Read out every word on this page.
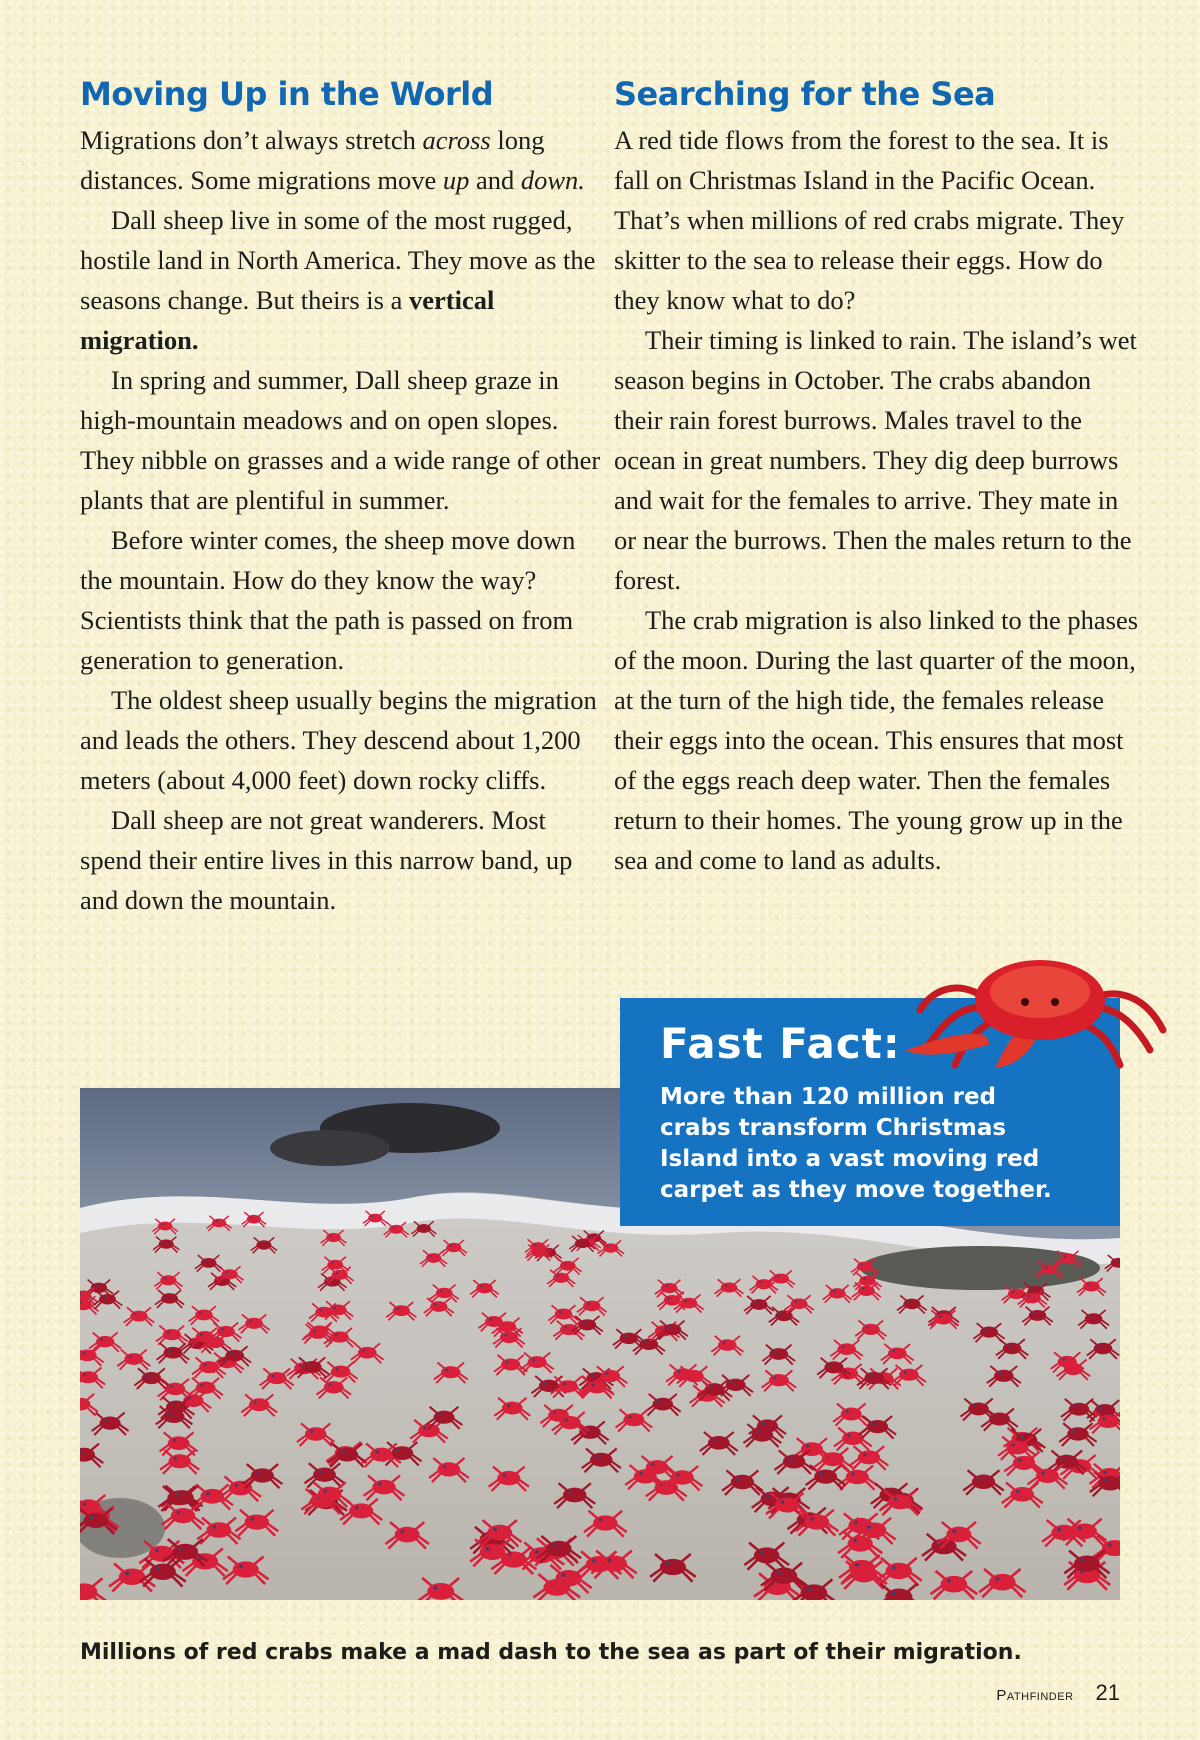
Moving Up in the World

Migrations don’t always stretch across long distances. Some migrations move up and down.

Dall sheep live in some of the most rugged, hostile land in North America. They move as the seasons change. But theirs is a vertical migration.

In spring and summer, Dall sheep graze in high-mountain meadows and on open slopes. They nibble on grasses and a wide range of other plants that are plentiful in summer.

Before winter comes, the sheep move down the mountain. How do they know the way? Scientists think that the path is passed on from generation to generation.

The oldest sheep usually begins the migration and leads the others. They descend about 1,200 meters (about 4,000 feet) down rocky cliffs.

Dall sheep are not great wanderers. Most spend their entire lives in this narrow band, up and down the mountain.

Searching for the Sea

A red tide flows from the forest to the sea. It is fall on Christmas Island in the Pacific Ocean. That’s when millions of red crabs migrate. They skitter to the sea to release their eggs. How do they know what to do?

Their timing is linked to rain. The island’s wet season begins in October. The crabs abandon their rain forest burrows. Males travel to the ocean in great numbers. They dig deep burrows and wait for the females to arrive. They mate in or near the burrows. Then the males return to the forest.

The crab migration is also linked to the phases of the moon. During the last quarter of the moon, at the turn of the high tide, the females release their eggs into the ocean. This ensures that most of the eggs reach deep water. Then the females return to their homes. The young grow up in the sea and come to land as adults.

Fast Fact:

More than 120 million red crabs transform Christmas Island into a vast moving red carpet as they move together.

Millions of red crabs make a mad dash to the sea as part of their migration.

Pathfinder 21
